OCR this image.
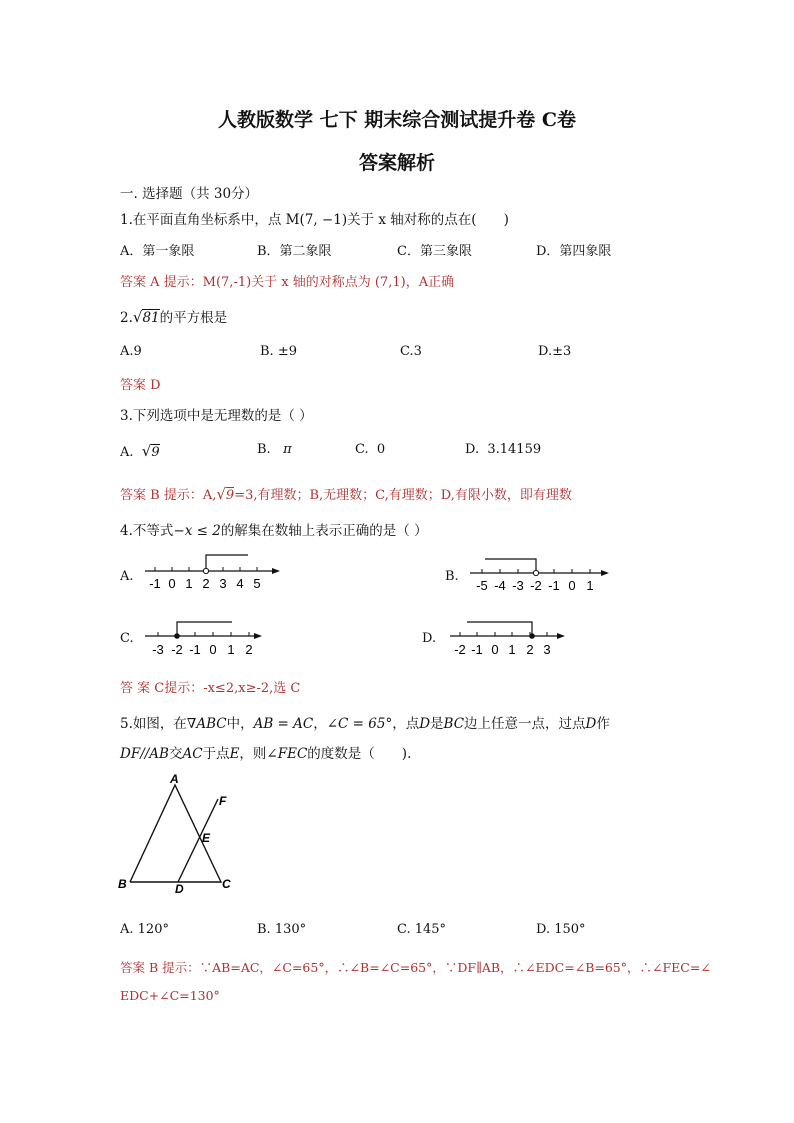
人教版数学 七下 期末综合测试提升卷 C卷
答案解析
一. 选择题（共 30分）
1.在平面直角坐标系中，点 M(7, −1)关于 x 轴对称的点在(　　)
A．第一象限	B．第二象限	C．第三象限	D．第四象限
答案 A 提示：M(7,-1)关于 x 轴的对称点为 (7,1)，A正确
2.√81的平方根是
A.9	B. ±9	C.3	D.±3
答案 D
3.下列选项中是无理数的是（ ）
A. √9	B. π	C. 0	D. 3.14159
答案 B 提示：A,√9=3,有理数；B,无理数；C,有理数；D,有限小数，即有理数
4.不等式−x ≤ 2的解集在数轴上表示正确的是（ ）
A.	B.
C.	D.
-1 0 1 2 3 4 5	-5 -4 -3 -2 -1 0 1
-3 -2 -1 0 1 2	-2 -1 0 1 2 3
答 案 C提示：-x≤2,x≥-2,选 C
5.如图，在∇ABC中，AB = AC，∠C = 65°，点D是BC边上任意一点，过点D作
DF//AB交AC于点E，则∠FEC的度数是（　　).
A
B	C
D
E
F
A. 120°	B. 130°	C. 145°	D. 150°
答案 B 提示：∵AB=AC，∠C=65°，∴∠B=∠C=65°，∵DF∥AB，∴∠EDC=∠B=65°，∴∠FEC=∠
EDC+∠C=130°
